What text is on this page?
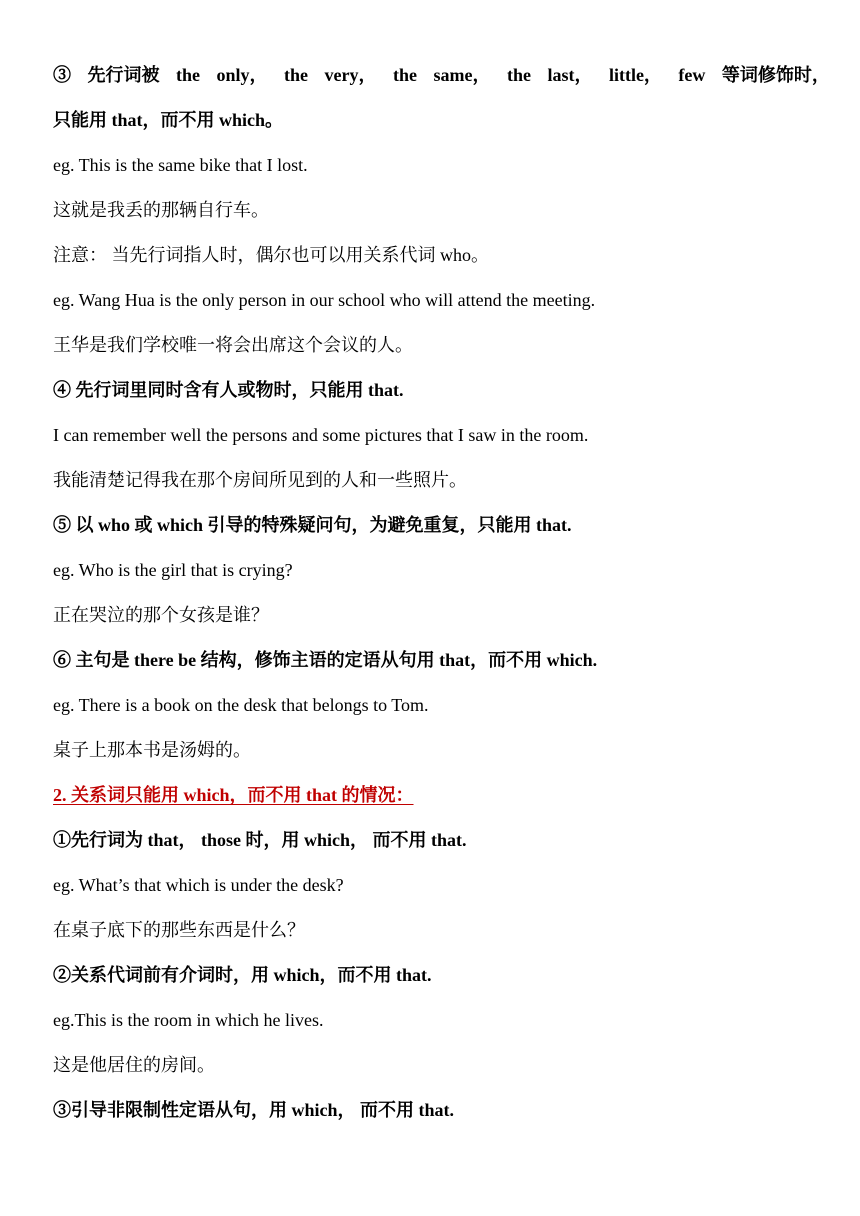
③ 先行词被 the only， the very， the same， the last， little， few 等词修饰时，
只能用 that，而不用 which。
eg. This is the same bike that I lost.
这就是我丢的那辆自行车。
注意： 当先行词指人时，偶尔也可以用关系代词 who。
eg. Wang Hua is the only person in our school who will attend the meeting.
王华是我们学校唯一将会出席这个会议的人。
④ 先行词里同时含有人或物时，只能用 that.
I can remember well the persons and some pictures that I saw in the room.
我能清楚记得我在那个房间所见到的人和一些照片。
⑤ 以 who 或 which 引导的特殊疑问句，为避免重复，只能用 that.
eg. Who is the girl that is crying?
正在哭泣的那个女孩是谁？
⑥ 主句是 there be 结构，修饰主语的定语从句用 that，而不用 which.
eg. There is a book on the desk that belongs to Tom.
桌子上那本书是汤姆的。
2. 关系词只能用 which，而不用 that 的情况：
①先行词为 that， those 时，用 which， 而不用 that.
eg. What’s that which is under the desk?
在桌子底下的那些东西是什么？
②关系代词前有介词时，用 which，而不用 that.
eg.This is the room in which he lives.
这是他居住的房间。
③引导非限制性定语从句，用 which， 而不用 that.
